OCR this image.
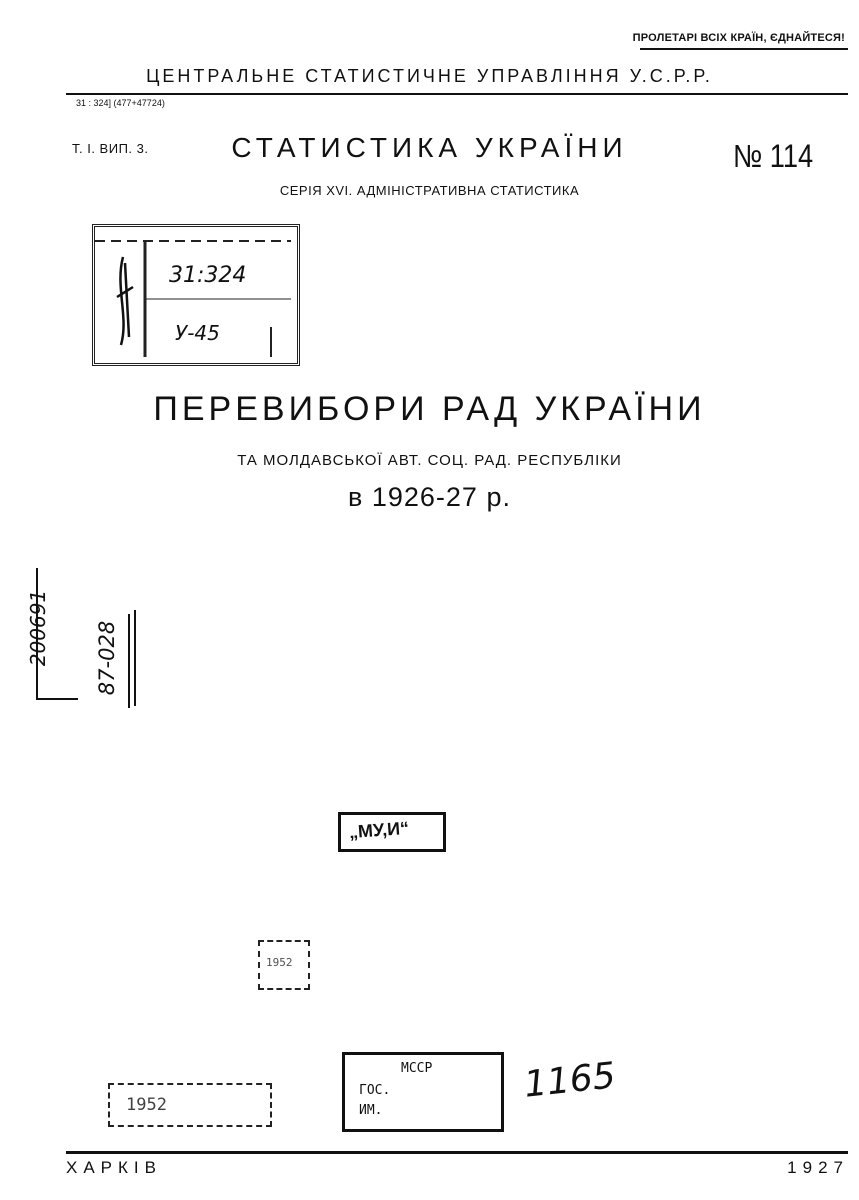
ПРОЛЕТАРІ ВСІХ КРАЇН, ЄДНАЙТЕСЯ!
ЦЕНТРАЛЬНЕ СТАТИСТИЧНЕ УПРАВЛІННЯ У.С.Р.Р.
31 : 324] (477+47724)
Т. І. ВИП. 3.	СТАТИСТИКА УКРАЇНИ	№ 114
СЕРІЯ XVI. АДМІНІСТРАТИВНА СТАТИСТИКА
31:324
У-45
ПЕРЕВИБОРИ РАД УКРАЇНИ
ТА МОЛДАВСЬКОЇ АВТ. СОЦ. РАД. РЕСПУБЛІКИ
в 1926-27 р.
200691 87-028
„МУ,И“
1952
1952
МССР
ГОС.
ИМ.
1165
ХАРКІВ	1927
